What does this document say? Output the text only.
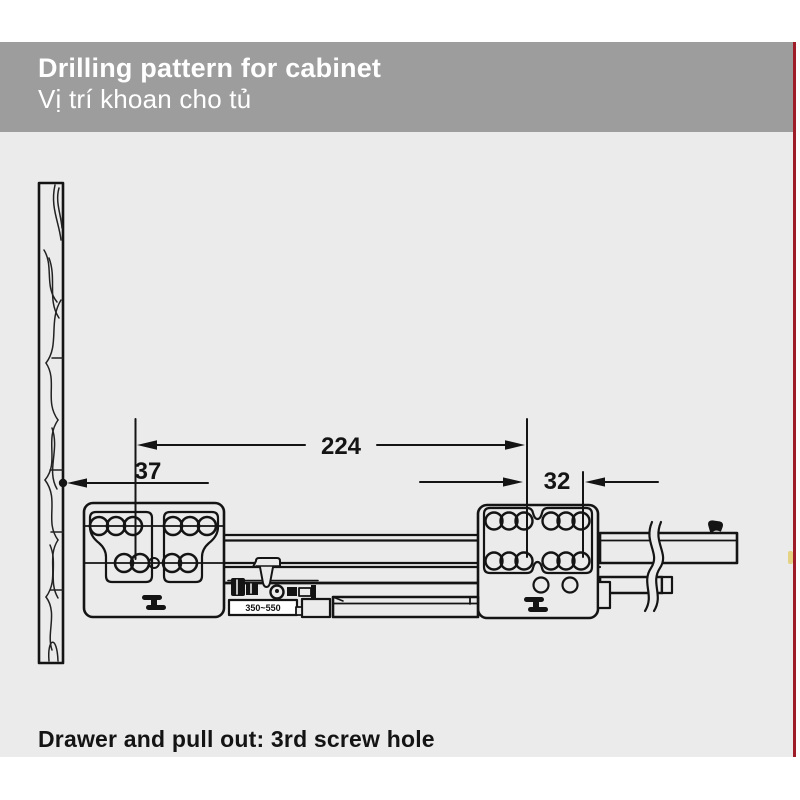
Drilling pattern for cabinet
Vị trí khoan cho tủ
350~550
224
37	32
Drawer and pull out: 3rd screw hole
